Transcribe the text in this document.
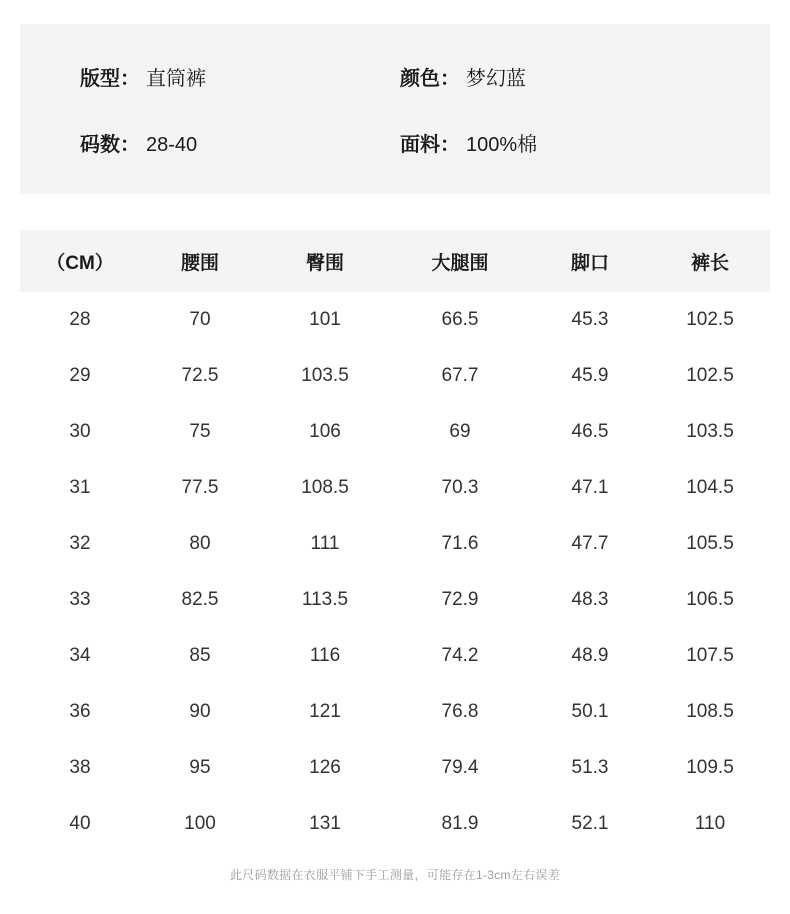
版型： 直筒裤	颜色： 梦幻蓝
码数： 28-40	面料： 100%棉
（CM）	腰围	臀围	大腿围	脚口	裤长
28	70	101	66.5	45.3	102.5
29	72.5	103.5	67.7	45.9	102.5
30	75	106	69	46.5	103.5
31	77.5	108.5	70.3	47.1	104.5
32	80	111	71.6	47.7	105.5
33	82.5	113.5	72.9	48.3	106.5
34	85	116	74.2	48.9	107.5
36	90	121	76.8	50.1	108.5
38	95	126	79.4	51.3	109.5
40	100	131	81.9	52.1	110
此尺码数据在衣服平铺下手工测量，可能存在1-3cm左右误差
